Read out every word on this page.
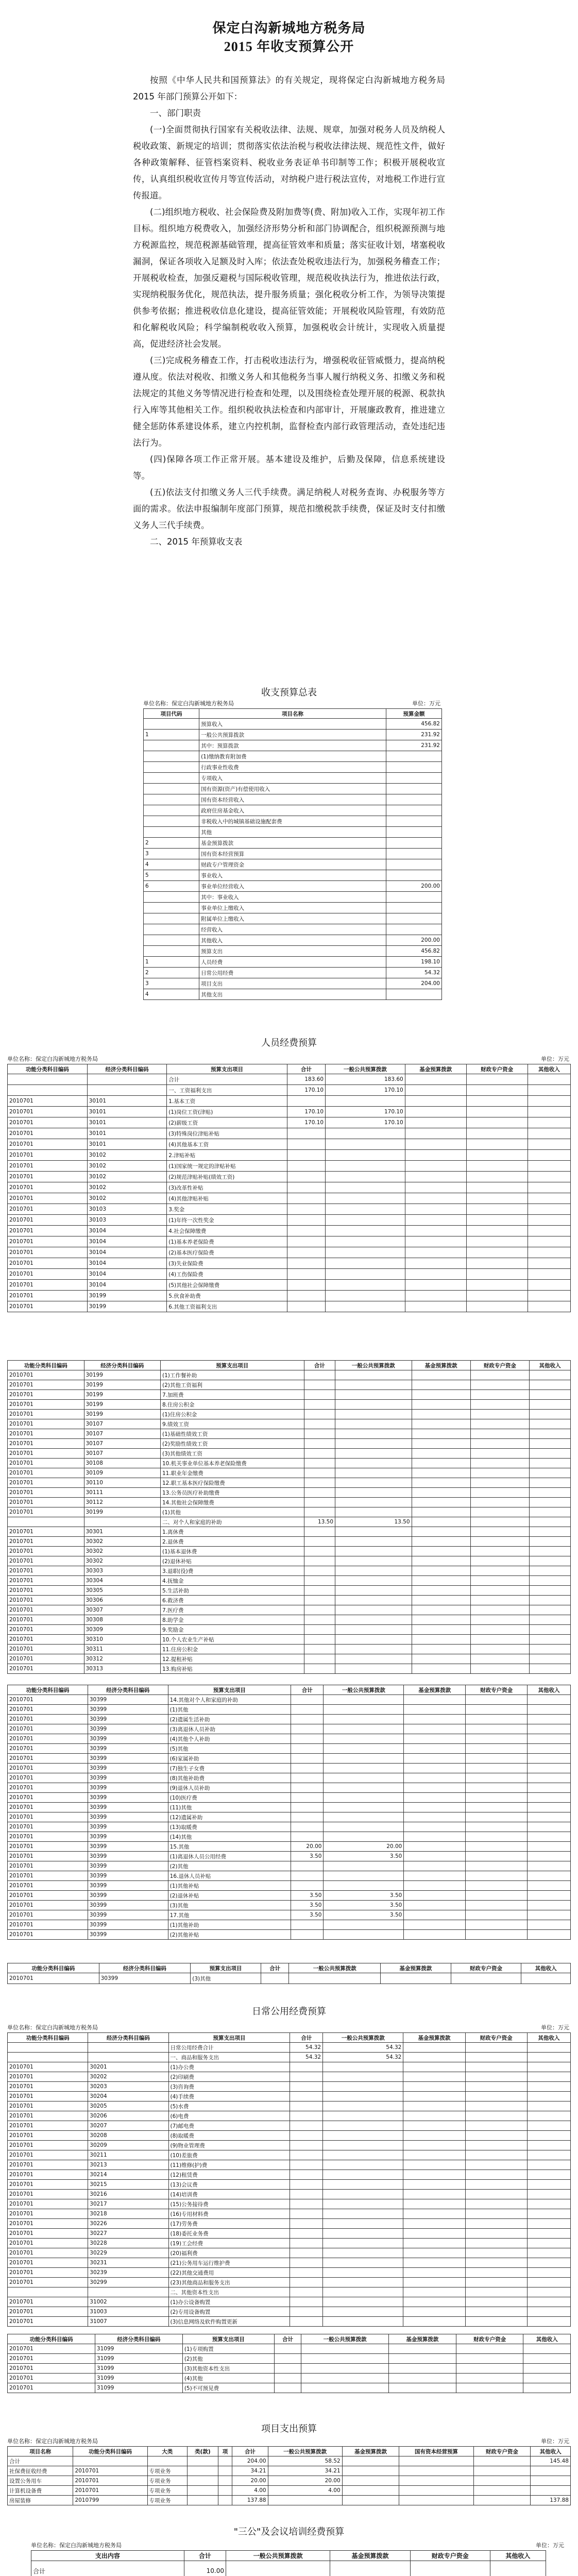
保定白沟新城地方税务局
2015 年收支预算公开

按照《中华人民共和国预算法》的有关规定，现将保定白沟新城地方税务局 2015 年部门预算公开如下：

一、部门职责

(一)全面贯彻执行国家有关税收法律、法规、规章，加强对税务人员及纳税人税收政策、新规定的培训；贯彻落实依法治税与税收法律法规、规范性文件，做好各种政策解释、征管档案资料、税收业务表证单书印制等工作；积极开展税收宣传，认真组织税收宣传月等宣传活动，对纳税户进行税法宣传，对地税工作进行宣传报道。

(二)组织地方税收、社会保险费及附加费等(费、附加)收入工作，实现年初工作目标。组织地方税费收入，加强经济形势分析和部门协调配合，组织税源预测与地方税源监控，规范税源基础管理，提高征管效率和质量；落实征收计划，堵塞税收漏洞，保证各项收入足额及时入库；依法查处税收违法行为，加强税务稽查工作；开展税收检查，加强反避税与国际税收管理，规范税收执法行为，推进依法行政，实现纳税服务优化，规范执法，提升服务质量；强化税收分析工作，为领导决策提供参考依据；推进税收信息化建设，提高征管效能；开展税收风险管理，有效防范和化解税收风险；科学编制税收收入预算，加强税收会计统计，实现收入质量提高，促进经济社会发展。

(三)完成税务稽查工作，打击税收违法行为，增强税收征管威慑力，提高纳税遵从度。依法对税收、扣缴义务人和其他税务当事人履行纳税义务、扣缴义务和税法规定的其他义务等情况进行检查和处理，以及围绕检查处理开展的税源、税款执行入库等其他相关工作。组织税收执法检查和内部审计，开展廉政教育，推进建立健全惩防体系建设体系，建立内控机制，监督检查内部行政管理活动，查处违纪违法行为。

(四)保障各项工作正常开展。基本建设及维护，后勤及保障，信息系统建设等。

(五)依法支付扣缴义务人三代手续费。满足纳税人对税务查询、办税服务等方面的需求。依法申报编制年度部门预算，规范扣缴税款手续费，保证及时支付扣缴义务人三代手续费。

二、2015 年预算收支表

收支预算总表
单位名称：保定白沟新城地方税务局	单位：万元
项目代码	项目名称	预算金额
	预算收入	456.82
1	一般公共预算拨款	231.92
	其中：预算拨款	231.92
	(1)缴纳教育附加费	
	行政事业性收费	
	专项收入	
	国有资源(资产)有偿使用收入	
	国有资本经营收入	
	政府住房基金收入	
	非税收入中的城镇基础设施配套费	
	其他	
2	基金预算拨款	
3	国有资本经营预算	
4	财政专户管理资金	
5	事业收入	
6	事业单位经营收入	200.00
	其中：事业收入	
	事业单位上缴收入	
	附属单位上缴收入	
	经营收入	
	其他收入	200.00
	预算支出	456.82
1	人员经费	198.10
2	日常公用经费	54.32
3	项目支出	204.00
4	其他支出	
人员经费预算
单位名称：保定白沟新城地方税务局	单位：万元
功能分类科目编码	经济分类科目编码	预算支出项目	合计	一般公共预算拨款	基金预算拨款	财政专户资金	其他收入
		合计	183.60	183.60			
		一、工资福利支出	170.10	170.10			
2010701	30101	1.基本工资					
2010701	30101	(1)岗位工资(津贴)	170.10	170.10			
2010701	30101	(2)薪级工资	170.10	170.10			
2010701	30101	(3)特殊岗位津贴补贴					
2010701	30101	(4)其他基本工资					
2010701	30102	2.津贴补贴					
2010701	30102	(1)国家统一规定的津贴补贴					
2010701	30102	(2)规范津贴补贴(绩效工资)					
2010701	30102	(3)改革性补贴					
2010701	30102	(4)其他津贴补贴					
2010701	30103	3.奖金					
2010701	30103	(1)年终一次性奖金					
2010701	30104	4.社会保障缴费					
2010701	30104	(1)基本养老保险费					
2010701	30104	(2)基本医疗保险费					
2010701	30104	(3)失业保险费					
2010701	30104	(4)工伤保险费					
2010701	30104	(5)其他社会保障缴费					
2010701	30199	5.伙食补助费					
2010701	30199	6.其他工资福利支出					
功能分类科目编码	经济分类科目编码	预算支出项目	合计	一般公共预算拨款	基金预算拨款	财政专户资金	其他收入
2010701	30199	(1)工作餐补助					
2010701	30199	(2)其他工资福利					
2010701	30199	7.加班费					
2010701	30199	8.住房公积金					
2010701	30199	(1)住房公积金					
2010701	30107	9.绩效工资					
2010701	30107	(1)基础性绩效工资					
2010701	30107	(2)奖励性绩效工资					
2010701	30107	(3)其他绩效工资					
2010701	30108	10.机关事业单位基本养老保险缴费					
2010701	30109	11.职业年金缴费					
2010701	30110	12.职工基本医疗保险缴费					
2010701	30111	13.公务员医疗补助缴费					
2010701	30112	14.其他社会保障缴费					
2010701	30199	(1)其他					
		二、对个人和家庭的补助	13.50	13.50			
2010701	30301	1.离休费					
2010701	30302	2.退休费					
2010701	30302	(1)基本退休费					
2010701	30302	(2)退休补贴					
2010701	30303	3.退职(役)费					
2010701	30304	4.抚恤金					
2010701	30305	5.生活补助					
2010701	30306	6.救济费					
2010701	30307	7.医疗费					
2010701	30308	8.助学金					
2010701	30309	9.奖励金					
2010701	30310	10.个人农业生产补贴					
2010701	30311	11.住房公积金					
2010701	30312	12.提租补贴					
2010701	30313	13.购房补贴					
功能分类科目编码	经济分类科目编码	预算支出项目	合计	一般公共预算拨款	基金预算拨款	财政专户资金	其他收入
2010701	30399	14.其他对个人和家庭的补助					
2010701	30399	(1)其他					
2010701	30399	(2)遗属生活补助					
2010701	30399	(3)离退休人员补助					
2010701	30399	(4)其他个人补助					
2010701	30399	(5)其他					
2010701	30399	(6)家属补助					
2010701	30399	(7)独生子女费					
2010701	30399	(8)其他补助费					
2010701	30399	(9)退休人员补助					
2010701	30399	(10)医疗费					
2010701	30399	(11)其他					
2010701	30399	(12)遗属补助					
2010701	30399	(13)取暖费					
2010701	30399	(14)其他					
2010701	30399	15.其他	20.00	20.00			
2010701	30399	(1)离退休人员公用经费	3.50	3.50			
2010701	30399	(2)其他					
2010701	30399	16.退休人员补贴					
2010701	30399	(1)其他补贴					
2010701	30399	(2)退休补贴	3.50	3.50			
2010701	30399	(3)其他	3.50	3.50			
2010701	30399	17.其他	3.50	3.50			
2010701	30399	(1)其他补助					
2010701	30399	(2)其他补贴					
功能分类科目编码	经济分类科目编码	预算支出项目	合计	一般公共预算拨款	基金预算拨款	财政专户资金	其他收入
2010701	30399	(3)其他					
日常公用经费预算
单位名称：保定白沟新城地方税务局	单位：万元
功能分类科目编码	经济分类科目编码	预算支出项目	合计	一般公共预算拨款	基金预算拨款	财政专户资金	其他收入
		日常公用经费合计	54.32	54.32			
		一、商品和服务支出	54.32	54.32			
2010701	30201	(1)办公费					
2010701	30202	(2)印刷费					
2010701	30203	(3)咨询费					
2010701	30204	(4)手续费					
2010701	30205	(5)水费					
2010701	30206	(6)电费					
2010701	30207	(7)邮电费					
2010701	30208	(8)取暖费					
2010701	30209	(9)物业管理费					
2010701	30211	(10)差旅费					
2010701	30213	(11)维修(护)费					
2010701	30214	(12)租赁费					
2010701	30215	(13)会议费					
2010701	30216	(14)培训费					
2010701	30217	(15)公务接待费					
2010701	30218	(16)专用材料费					
2010701	30226	(17)劳务费					
2010701	30227	(18)委托业务费					
2010701	30228	(19)工会经费					
2010701	30229	(20)福利费					
2010701	30231	(21)公务用车运行维护费					
2010701	30239	(22)其他交通费用					
2010701	30299	(23)其他商品和服务支出					
		二、其他资本性支出					
2010701	31002	(1)办公设备购置					
2010701	31003	(2)专用设备购置					
2010701	31007	(3)信息网络及软件购置更新					
功能分类科目编码	经济分类科目编码	预算支出项目	合计	一般公共预算拨款	基金预算拨款	财政专户资金	其他收入
2010701	31099	(1)专项购置					
2010701	31099	(2)其他					
2010701	31099	(3)其他资本性支出					
2010701	31099	(4)其他					
2010701	31099	(5)不可预见费					
项目支出预算
单位名称：保定白沟新城地方税务局	单位：万元
项目名称	功能分类科目编码	大类	类(款)	项	合计	一般公共预算拨款	基金预算拨款	国有资本经营预算	财政专户资金	其他收入
合计					204.00	58.52				145.48
社保费征收经费	2010701	专项业务			34.21	34.21				
设置公务用车	2010701	专项业务			20.00	20.00				
计算机设备费	2010701	专项业务			4.00	4.00				
房屋装修	2010799	专项业务			137.88					137.88
"三公"及会议培训经费预算
单位名称：保定白沟新城地方税务局	单位：万元
支出内容	合计	一般公共预算拨款	基金预算拨款	财政专户资金	其他收入
合计	10.00				
